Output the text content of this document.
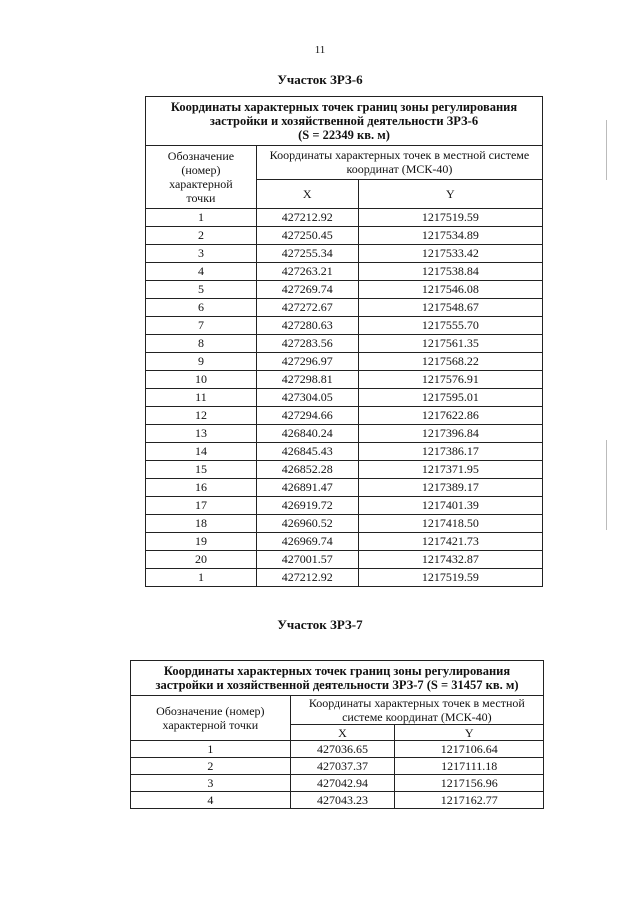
11
Участок ЗРЗ-6
Координаты характерных точек границ зоны регулирования
застройки и хозяйственной деятельности ЗРЗ-6
(S = 22349 кв. м)		

Обозначение (номер) характерной точки	Координаты характерных точек в местной системе координат (МСК-40)	
	X	Y
1	427212.92	1217519.59
2	427250.45	1217534.89
3	427255.34	1217533.42
4	427263.21	1217538.84
5	427269.74	1217546.08
6	427272.67	1217548.67
7	427280.63	1217555.70
8	427283.56	1217561.35
9	427296.97	1217568.22
10	427298.81	1217576.91
11	427304.05	1217595.01
12	427294.66	1217622.86
13	426840.24	1217396.84
14	426845.43	1217386.17
15	426852.28	1217371.95
16	426891.47	1217389.17
17	426919.72	1217401.39
18	426960.52	1217418.50
19	426969.74	1217421.73
20	427001.57	1217432.87
1	427212.92	1217519.59
Участок ЗРЗ-7
Координаты характерных точек границ зоны регулирования
застройки и хозяйственной деятельности ЗРЗ-7 (S = 31457 кв. м)		

Обозначение (номер) характерной точки	Координаты характерных точек в местной системе координат (МСК-40)	
	X	Y
1	427036.65	1217106.64
2	427037.37	1217111.18
3	427042.94	1217156.96
4	427043.23	1217162.77
